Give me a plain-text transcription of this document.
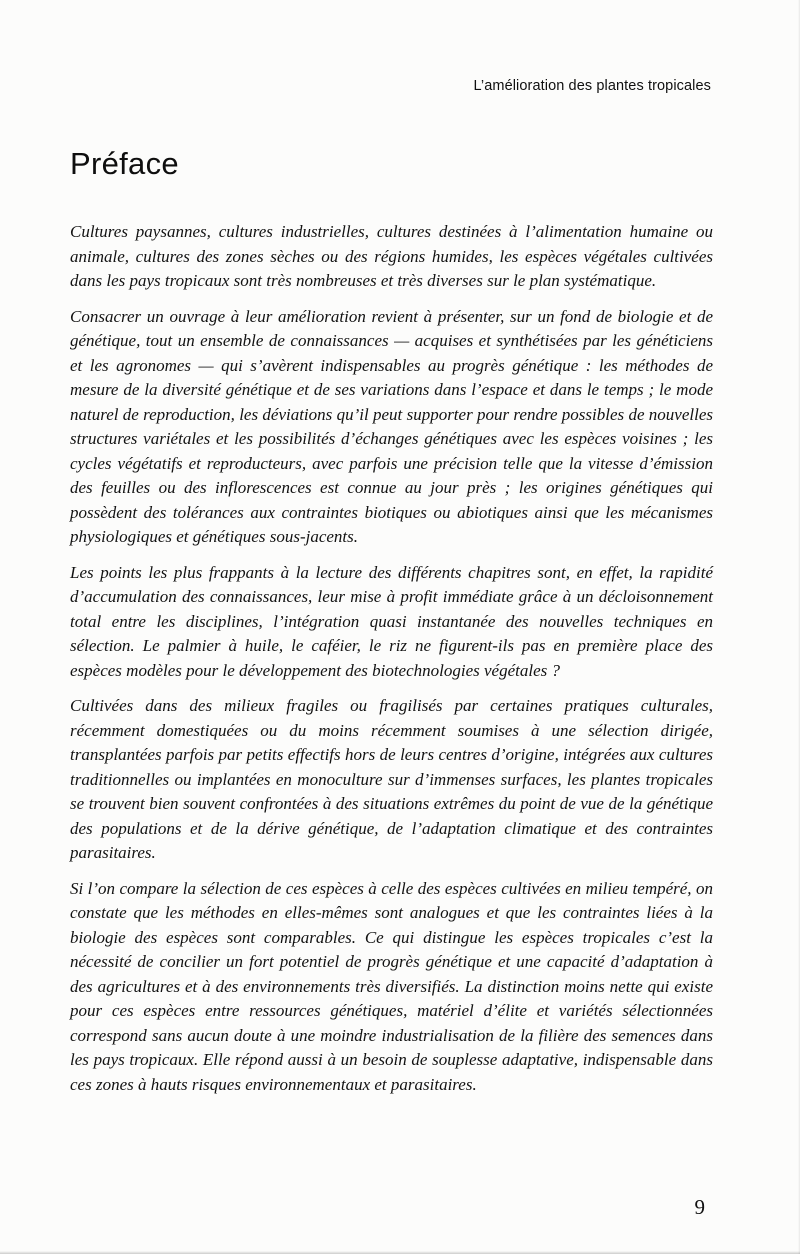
L’amélioration des plantes tropicales
Préface

Cultures paysannes, cultures industrielles, cultures destinées à l’alimentation humaine ou animale, cultures des zones sèches ou des régions humides, les espèces végétales cultivées dans les pays tropicaux sont très nombreuses et très diverses sur le plan systématique.

Consacrer un ouvrage à leur amélioration revient à présenter, sur un fond de biologie et de génétique, tout un ensemble de connaissances — acquises et synthétisées par les généticiens et les agronomes — qui s’avèrent indispensables au progrès génétique : les méthodes de mesure de la diversité génétique et de ses variations dans l’espace et dans le temps ; le mode naturel de reproduction, les déviations qu’il peut supporter pour rendre possibles de nouvelles structures variétales et les possibilités d’échanges génétiques avec les espèces voisines ; les cycles végétatifs et reproducteurs, avec parfois une précision telle que la vitesse d’émission des feuilles ou des inflorescences est connue au jour près ; les origines génétiques qui possèdent des tolérances aux contraintes biotiques ou abiotiques ainsi que les mécanismes physiologiques et génétiques sous-jacents.

Les points les plus frappants à la lecture des différents chapitres sont, en effet, la rapidité d’accumulation des connaissances, leur mise à profit immédiate grâce à un décloisonnement total entre les disciplines, l’intégration quasi instantanée des nouvelles techniques en sélection. Le palmier à huile, le caféier, le riz ne figurent-ils pas en première place des espèces modèles pour le développement des biotechnologies végétales ?

Cultivées dans des milieux fragiles ou fragilisés par certaines pratiques culturales, récemment domestiquées ou du moins récemment soumises à une sélection dirigée, transplantées parfois par petits effectifs hors de leurs centres d’origine, intégrées aux cultures traditionnelles ou implantées en monoculture sur d’immenses surfaces, les plantes tropicales se trouvent bien souvent confrontées à des situations extrêmes du point de vue de la génétique des populations et de la dérive génétique, de l’adaptation climatique et des contraintes parasitaires.

Si l’on compare la sélection de ces espèces à celle des espèces cultivées en milieu tempéré, on constate que les méthodes en elles-mêmes sont analogues et que les contraintes liées à la biologie des espèces sont comparables. Ce qui distingue les espèces tropicales c’est la nécessité de concilier un fort potentiel de progrès génétique et une capacité d’adaptation à des agricultures et à des environnements très diversifiés. La distinction moins nette qui existe pour ces espèces entre ressources génétiques, matériel d’élite et variétés sélectionnées correspond sans aucun doute à une moindre industrialisation de la filière des semences dans les pays tropicaux. Elle répond aussi à un besoin de souplesse adaptative, indispensable dans ces zones à hauts risques environnementaux et parasitaires.

9
